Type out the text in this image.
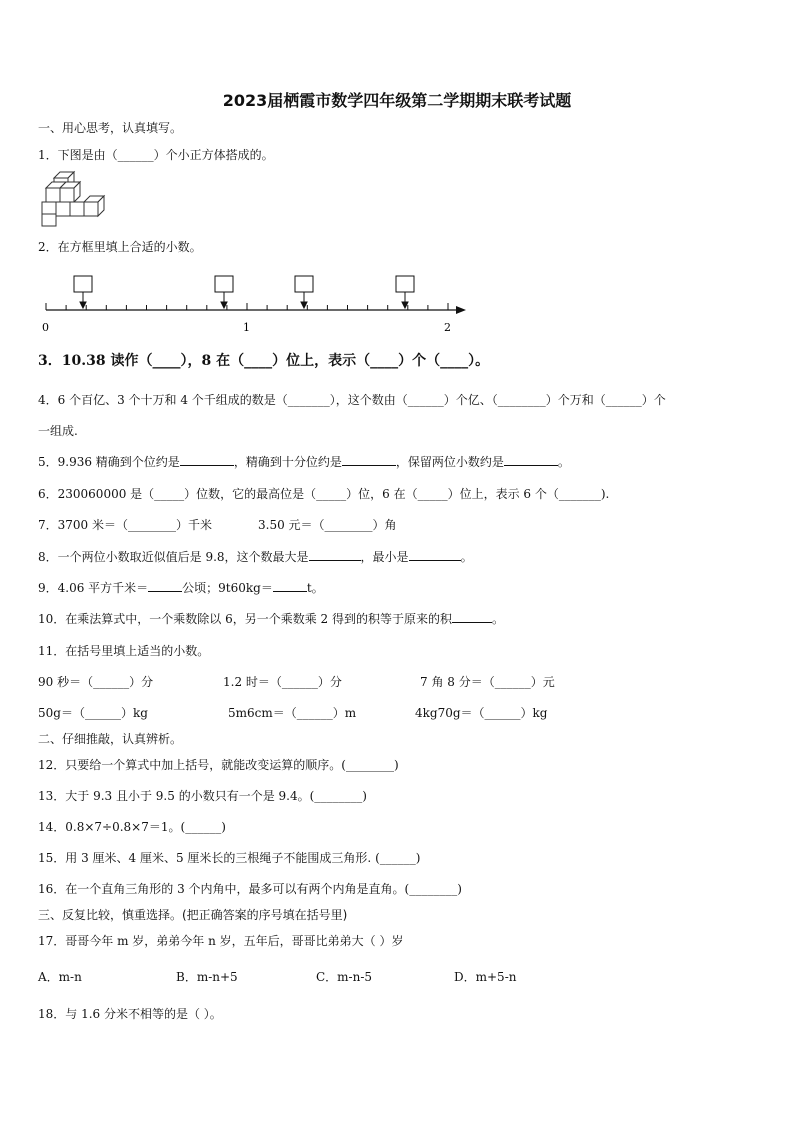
2023届栖霞市数学四年级第二学期期末联考试题
一、用心思考，认真填写。
1．下图是由（______）个小正方体搭成的。
2．在方框里填上合适的小数。
0	1	2
3．10.38 读作（____），8 在（____）位上，表示（____）个（____）。
4．6 个百亿、3 个十万和 4 个千组成的数是（_______），这个数由（______）个亿、（________）个万和（______）个
一组成.
5．9.936 精确到个位约是	，精确到十分位约是	，保留两位小数约是	。
6．230060000 是（_____）位数，它的最高位是（_____）位，6 在（_____）位上，表示 6 个（_______).
7．3700 米＝（________）千米	3.50 元＝（________）角
8．一个两位小数取近似值后是 9.8，这个数最大是	，最小是	。
9．4.06 平方千米＝	公顷；9t60kg＝	t。
10．在乘法算式中，一个乘数除以 6，另一个乘数乘 2 得到的积等于原来的积	。
11．在括号里填上适当的小数。
90 秒＝（______）分	1.2 时＝（______）分	7 角 8 分＝（______）元
50g＝（______）kg	5m6cm＝（______）m	4kg70g＝（______）kg
二、仔细推敲，认真辨析。
12．只要给一个算式中加上括号，就能改变运算的顺序。(________)
13．大于 9.3 且小于 9.5 的小数只有一个是 9.4。(________)
14．0.8×7÷0.8×7＝1。(______)
15．用 3 厘米、4 厘米、5 厘米长的三根绳子不能围成三角形. (______)
16．在一个直角三角形的 3 个内角中，最多可以有两个内角是直角。(________)
三、反复比较，慎重选择。(把正确答案的序号填在括号里)
17．哥哥今年 m 岁，弟弟今年 n 岁，五年后，哥哥比弟弟大（ ）岁
A．m-n	B．m-n+5	C．m-n-5	D．m+5-n
18．与 1.6 分米不相等的是（ ）。
